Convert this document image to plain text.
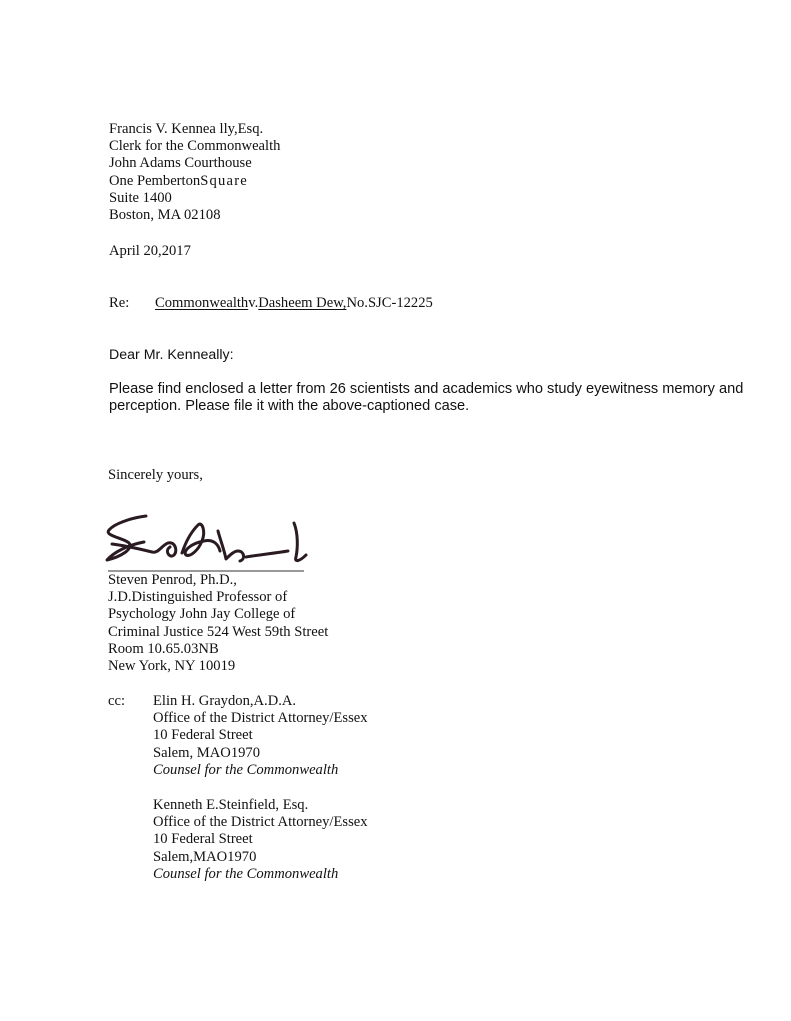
Francis V. Kennea lly,Esq.
Clerk for the Commonwealth
John Adams Courthouse
One PembertonSquare
Suite 1400
Boston, MA 02108
April 20,2017
Re: Commonwealthv.Dasheem Dew,No.SJC-12225
Dear Mr. Kenneally:
Please find enclosed a letter from 26 scientists and academics who study eyewitness memory and
perception. Please file it with the above-captioned case.
Sincerely yours,
Steven Penrod, Ph.D.,
J.D.Distinguished Professor of
Psychology John Jay College of
Criminal Justice 524 West 59th Street
Room 10.65.03NB
New York, NY 10019
cc: Elin H. Graydon,A.D.A.
Office of the District Attorney/Essex
10 Federal Street
Salem, MAO1970
Counsel for the Commonwealth
Kenneth E.Steinfield, Esq.
Office of the District Attorney/Essex
10 Federal Street
Salem,MAO1970
Counsel for the Commonwealth
